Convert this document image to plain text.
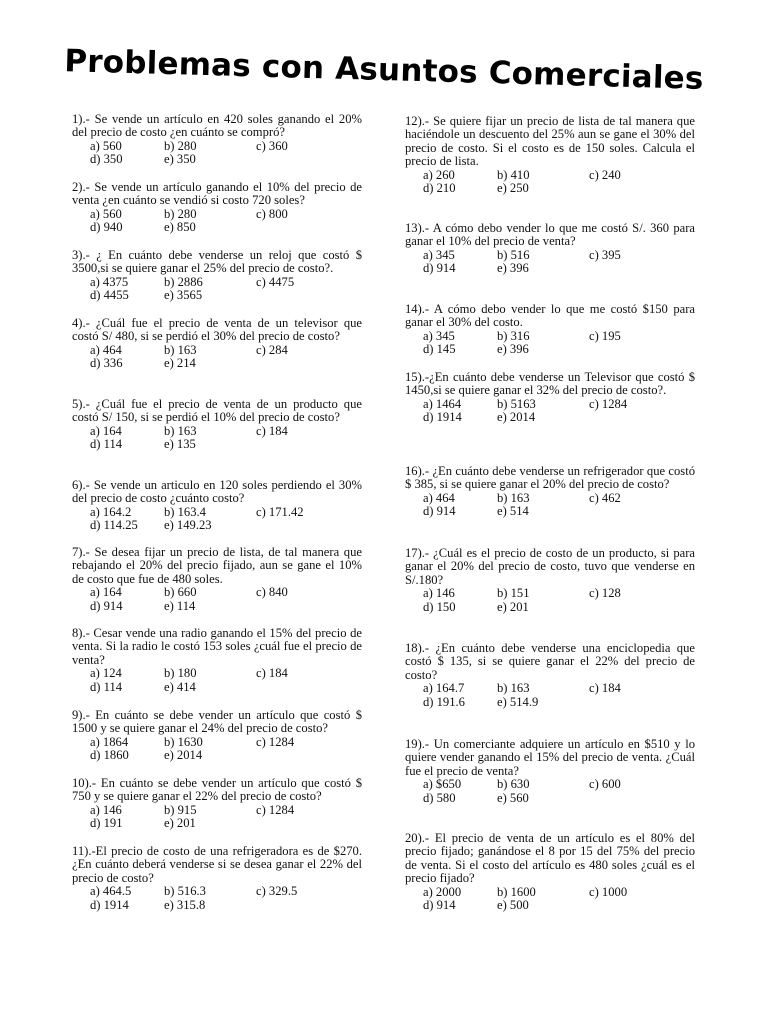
Problemas con Asuntos Comerciales
1).- Se vende un artículo en 420 soles ganando el 20% del precio de costo ¿en cuánto se compró?
a) 560	b) 280	c) 360
d) 350	e) 350
2).- Se vende un artículo ganando el 10% del precio de venta ¿en cuánto se vendió si costo 720 soles?
a) 560	b) 280	c) 800
d) 940	e) 850
3).- ¿ En cuánto debe venderse un reloj que costó $ 3500,si se quiere ganar el 25% del precio de costo?.
a) 4375	b) 2886	c) 4475
d) 4455	e) 3565
4).- ¿Cuál fue el precio de venta de un televisor que costó S/ 480, si se perdió el 30% del precio de costo?
a) 464	b) 163	c) 284
d) 336	e) 214
5).- ¿Cuál fue el precio de venta de un producto que costó S/ 150, si se perdió el 10% del precio de costo?
a) 164	b) 163	c) 184
d) 114	e) 135
6).- Se vende un articulo en 120 soles perdiendo el 30% del precio de costo ¿cuánto costo?
a) 164.2	b) 163.4	c) 171.42
d) 114.25	e) 149.23
7).- Se desea fijar un precio de lista, de tal manera que rebajando el 20% del precio fijado, aun se gane el 10% de costo que fue de 480 soles.
a) 164	b) 660	c) 840
d) 914	e) 114
8).- Cesar vende una radio ganando el 15% del precio de venta. Si la radio le costó 153 soles ¿cuál fue el precio de venta?
a) 124	b) 180	c) 184
d) 114	e) 414
9).- En cuánto se debe vender un artículo que costó $ 1500 y se quiere ganar el 24% del precio de costo?
a) 1864	b) 1630	c) 1284
d) 1860	e) 2014
10).- En cuánto se debe vender un artículo que costó $ 750 y se quiere ganar el 22% del precio de costo?
a) 146	b) 915	c) 1284
d) 191	e) 201
11).-El precio de costo de una refrigeradora es de $270. ¿En cuánto deberá venderse si se desea ganar el 22% del precio de costo?
a) 464.5	b) 516.3	c) 329.5
d) 1914	e) 315.8
12).- Se quiere fijar un precio de lista de tal manera que haciéndole un descuento del 25% aun se gane el 30% del precio de costo. Si el costo es de 150 soles. Calcula el precio de lista.
a) 260	b) 410	c) 240
d) 210	e) 250
13).- A cómo debo vender lo que me costó S/. 360 para ganar el 10% del precio de venta?
a) 345	b) 516	c) 395
d) 914	e) 396
14).- A cómo debo vender lo que me costó $150 para ganar el 30% del costo.
a) 345	b) 316	c) 195
d) 145	e) 396
15).-¿En cuánto debe venderse un Televisor que costó $ 1450,si se quiere ganar el 32% del precio de costo?.
a) 1464	b) 5163	c) 1284
d) 1914	e) 2014
16).- ¿En cuánto debe venderse un refrigerador que costó $ 385, si se quiere ganar el 20% del precio de costo?
a) 464	b) 163	c) 462
d) 914	e) 514
17).- ¿Cuál es el precio de costo de un producto, si para ganar el 20% del precio de costo, tuvo que venderse en S/.180?
a) 146	b) 151	c) 128
d) 150	e) 201
18).- ¿En cuánto debe venderse una enciclopedia que costó $ 135, si se quiere ganar el 22% del precio de costo?
a) 164.7	b) 163	c) 184
d) 191.6	e) 514.9
19).- Un comerciante adquiere un artículo en $510 y lo quiere vender ganando el 15% del precio de venta. ¿Cuál fue el precio de venta?
a) $650	b) 630	c) 600
d) 580	e) 560
20).- El precio de venta de un artículo es el 80% del precio fijado; ganándose el 8 por 15 del 75% del precio de venta. Si el costo del artículo es 480 soles ¿cuál es el precio fijado?
a) 2000	b) 1600	c) 1000
d) 914	e) 500
